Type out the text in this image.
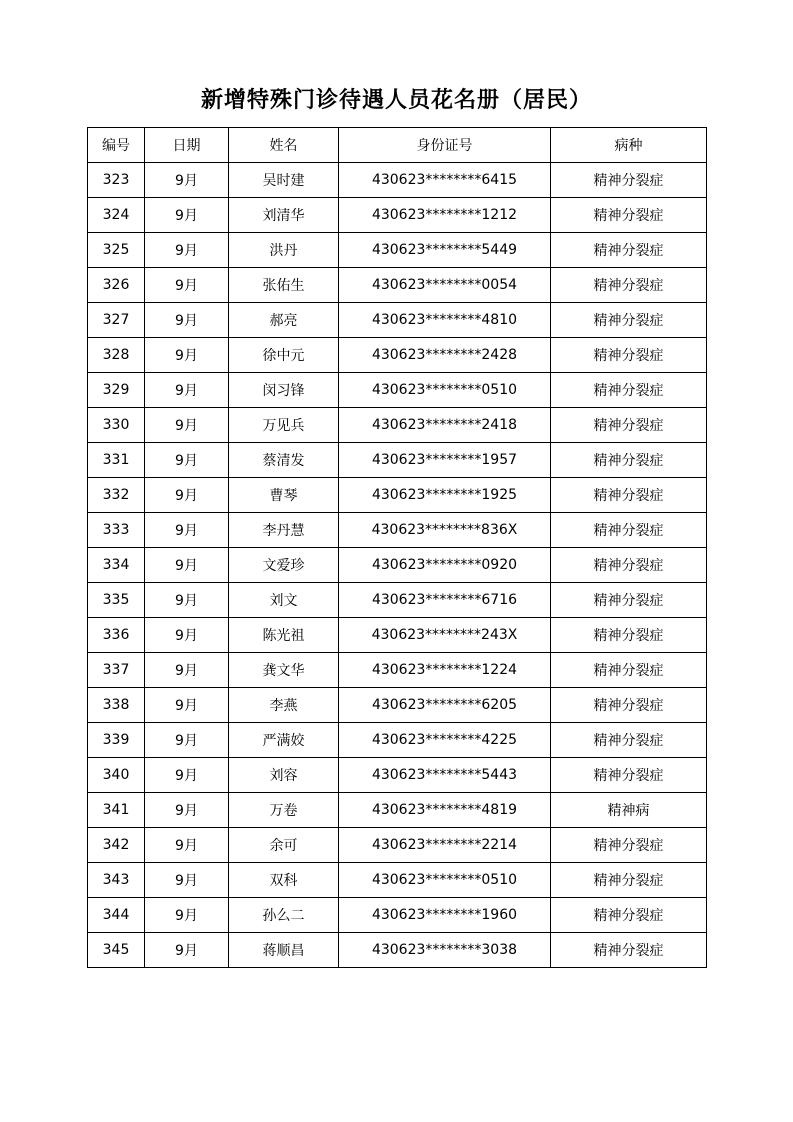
新增特殊门诊待遇人员花名册（居民）
编号	日期	姓名	身份证号	病种
323	9月	吴时建	430623********6415	精神分裂症
324	9月	刘清华	430623********1212	精神分裂症
325	9月	洪丹	430623********5449	精神分裂症
326	9月	张佑生	430623********0054	精神分裂症
327	9月	郝亮	430623********4810	精神分裂症
328	9月	徐中元	430623********2428	精神分裂症
329	9月	闵习锋	430623********0510	精神分裂症
330	9月	万见兵	430623********2418	精神分裂症
331	9月	蔡清发	430623********1957	精神分裂症
332	9月	曹琴	430623********1925	精神分裂症
333	9月	李丹慧	430623********836X	精神分裂症
334	9月	文爱珍	430623********0920	精神分裂症
335	9月	刘文	430623********6716	精神分裂症
336	9月	陈光祖	430623********243X	精神分裂症
337	9月	龚文华	430623********1224	精神分裂症
338	9月	李燕	430623********6205	精神分裂症
339	9月	严满姣	430623********4225	精神分裂症
340	9月	刘容	430623********5443	精神分裂症
341	9月	万卷	430623********4819	精神病
342	9月	余可	430623********2214	精神分裂症
343	9月	双科	430623********0510	精神分裂症
344	9月	孙么二	430623********1960	精神分裂症
345	9月	蒋顺昌	430623********3038	精神分裂症
